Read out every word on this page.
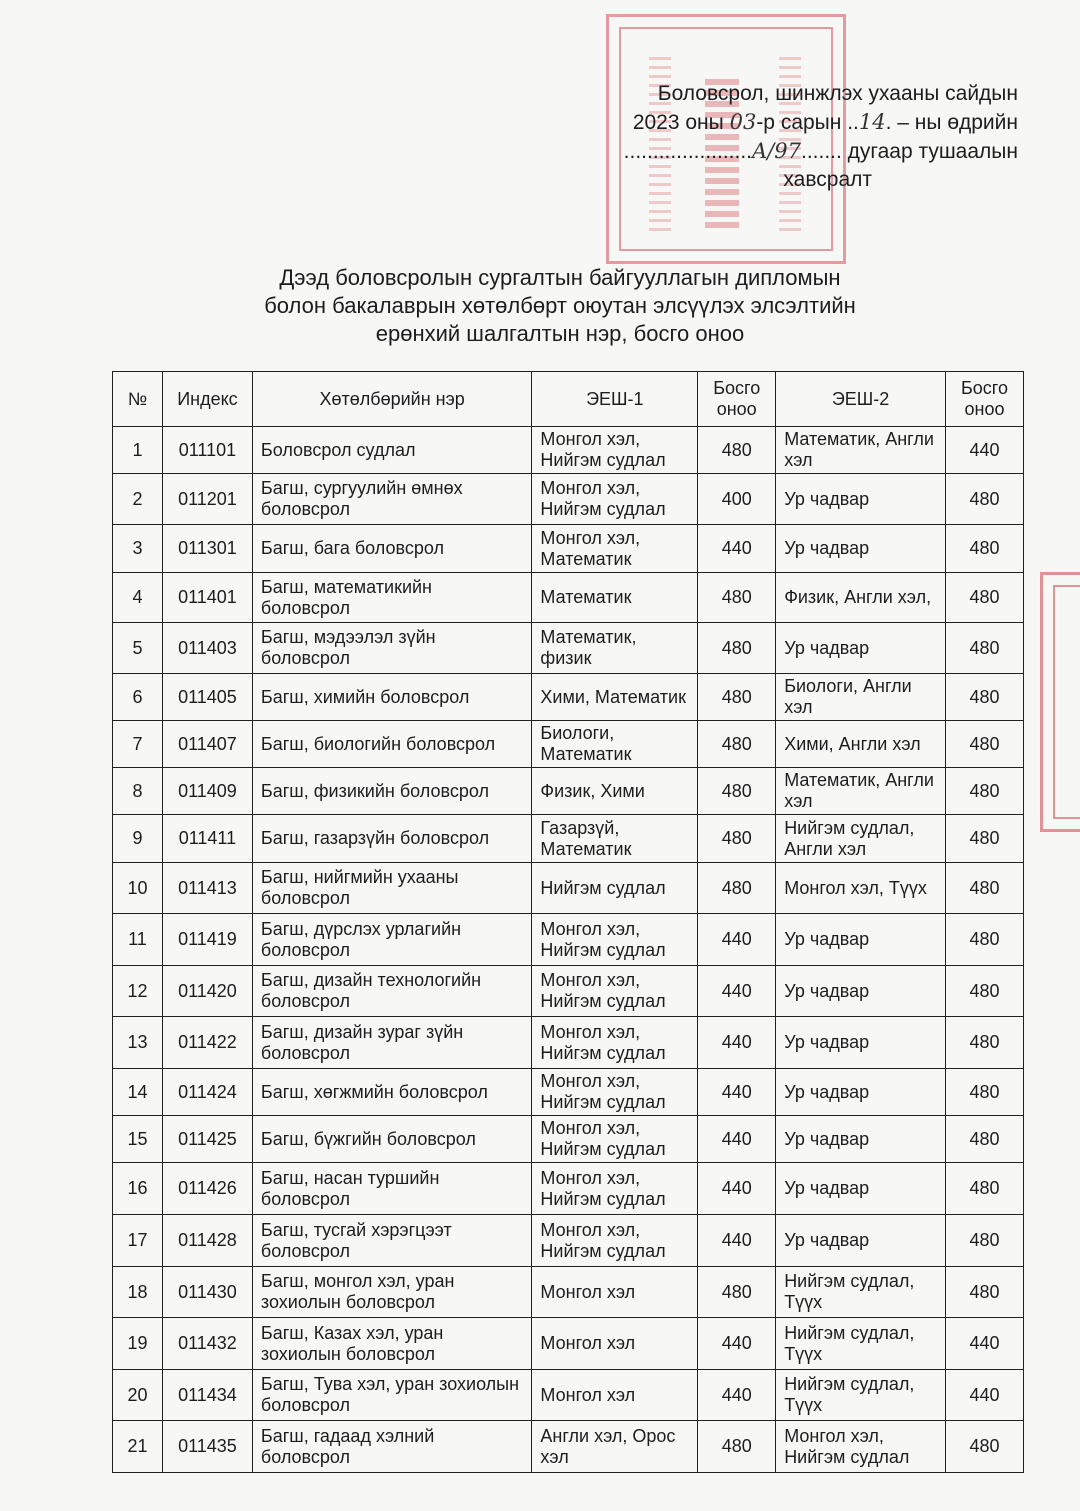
Боловсрол, шинжлэх ухааны сайдын
2023 оны 03-р сарын ..14. – ны өдрийн
......................A/97....... дугаар тушаалын
хавсралт
Дээд боловсролын сургалтын байгууллагын дипломын
болон бакалаврын хөтөлбөрт оюутан элсүүлэх элсэлтийн
ерөнхий шалгалтын нэр, босго оноо
№	Индекс	Хөтөлбөрийн нэр	ЭЕШ-1	Босго оноо	ЭЕШ-2	Босго оноо
1	011101	Боловсрол судлал	Монгол хэл, Нийгэм судлал	480	Математик, Англи хэл	440
2	011201	Багш, сургуулийн өмнөх боловсрол	Монгол хэл, Нийгэм судлал	400	Ур чадвар	480
3	011301	Багш, бага боловсрол	Монгол хэл, Математик	440	Ур чадвар	480
4	011401	Багш, математикийн боловсрол	Математик	480	Физик, Англи хэл,	480
5	011403	Багш, мэдээлэл зүйн боловсрол	Математик, физик	480	Ур чадвар	480
6	011405	Багш, химийн боловсрол	Хими, Математик	480	Биологи, Англи хэл	480
7	011407	Багш, биологийн боловсрол	Биологи, Математик	480	Хими, Англи хэл	480
8	011409	Багш, физикийн боловсрол	Физик, Хими	480	Математик, Англи хэл	480
9	011411	Багш, газарзүйн боловсрол	Газарзүй, Математик	480	Нийгэм судлал, Англи хэл	480
10	011413	Багш, нийгмийн ухааны боловсрол	Нийгэм судлал	480	Монгол хэл, Түүх	480
11	011419	Багш, дүрслэх урлагийн боловсрол	Монгол хэл, Нийгэм судлал	440	Ур чадвар	480
12	011420	Багш, дизайн технологийн боловсрол	Монгол хэл, Нийгэм судлал	440	Ур чадвар	480
13	011422	Багш, дизайн зураг зүйн боловсрол	Монгол хэл, Нийгэм судлал	440	Ур чадвар	480
14	011424	Багш, хөгжмийн боловсрол	Монгол хэл, Нийгэм судлал	440	Ур чадвар	480
15	011425	Багш, бүжгийн боловсрол	Монгол хэл, Нийгэм судлал	440	Ур чадвар	480
16	011426	Багш, насан туршийн боловсрол	Монгол хэл, Нийгэм судлал	440	Ур чадвар	480
17	011428	Багш, тусгай хэрэгцээт боловсрол	Монгол хэл, Нийгэм судлал	440	Ур чадвар	480
18	011430	Багш, монгол хэл, уран зохиолын боловсрол	Монгол хэл	480	Нийгэм судлал, Түүх	480
19	011432	Багш, Казах хэл, уран зохиолын боловсрол	Монгол хэл	440	Нийгэм судлал, Түүх	440
20	011434	Багш, Тува хэл, уран зохиолын боловсрол	Монгол хэл	440	Нийгэм судлал, Түүх	440
21	011435	Багш, гадаад хэлний боловсрол	Англи хэл, Орос хэл	480	Монгол хэл, Нийгэм судлал	480
